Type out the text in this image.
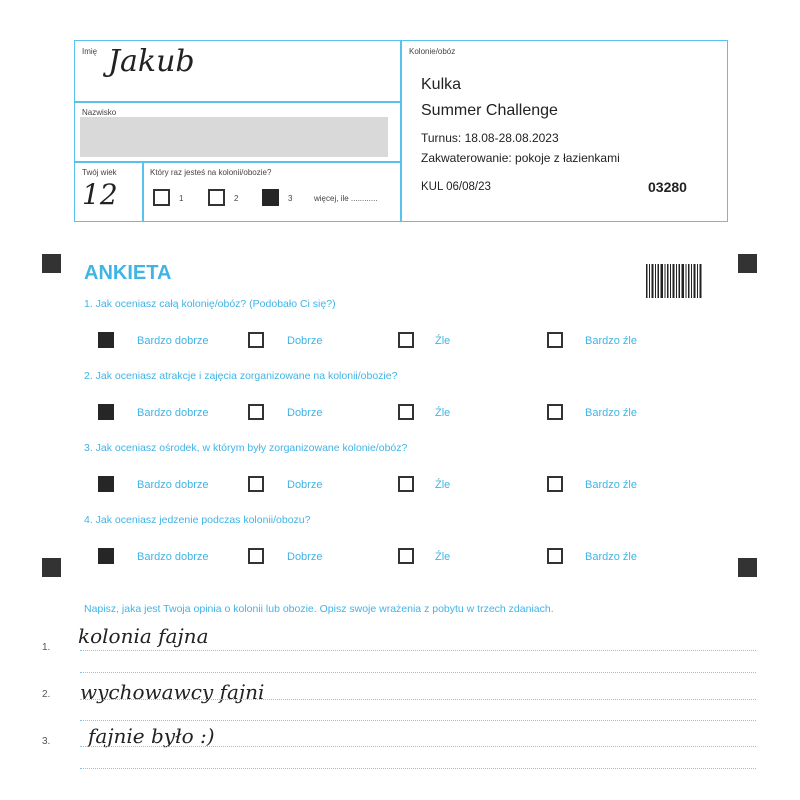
Imię Jakub
Nazwisko
Twój wiek
12
Który raz jesteś na kolonii/obozie?
1	2	3	więcej, ile ............
Kolonie/obóz
Kulka
Summer Challenge
Turnus: 18.08-28.08.2023
Zakwaterowanie: pokoje z łazienkami
KUL 06/08/23	03280
ANKIETA
1. Jak oceniasz całą kolonię/obóz? (Podobało Ci się?)
Bardzo dobrze	Dobrze	Źle	Bardzo źle
2. Jak oceniasz atrakcje i zajęcia zorganizowane na kolonii/obozie?
Bardzo dobrze	Dobrze	Źle	Bardzo źle
3. Jak oceniasz ośrodek, w którym były zorganizowane kolonie/obóz?
Bardzo dobrze	Dobrze	Źle	Bardzo źle
4. Jak oceniasz jedzenie podczas kolonii/obozu?
Bardzo dobrze	Dobrze	Źle	Bardzo źle
Napisz, jaka jest Twoja opinia o kolonii lub obozie. Opisz swoje wrażenia z pobytu w trzech zdaniach.
1. kolonia fajna
2. wychowawcy fajni
3. fajnie było :)
